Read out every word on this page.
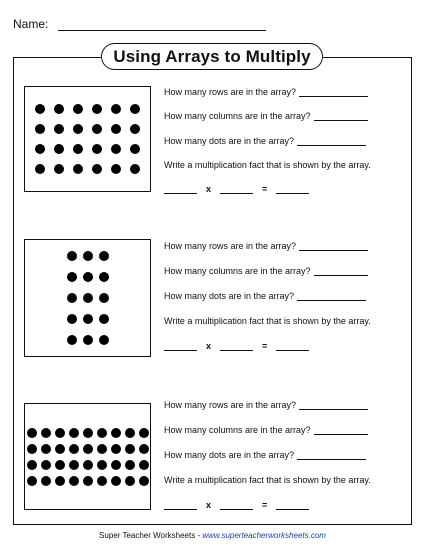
Name:
Using Arrays to Multiply
How many rows are in the array?
How many columns are in the array?
How many dots are in the array?
Write a multiplication fact that is shown by the array.
x	=
How many rows are in the array?
How many columns are in the array?
How many dots are in the array?
Write a multiplication fact that is shown by the array.
x	=
How many rows are in the array?
How many columns are in the array?
How many dots are in the array?
Write a multiplication fact that is shown by the array.
x	=
Super Teacher Worksheets - www.superteacherworksheets.com
